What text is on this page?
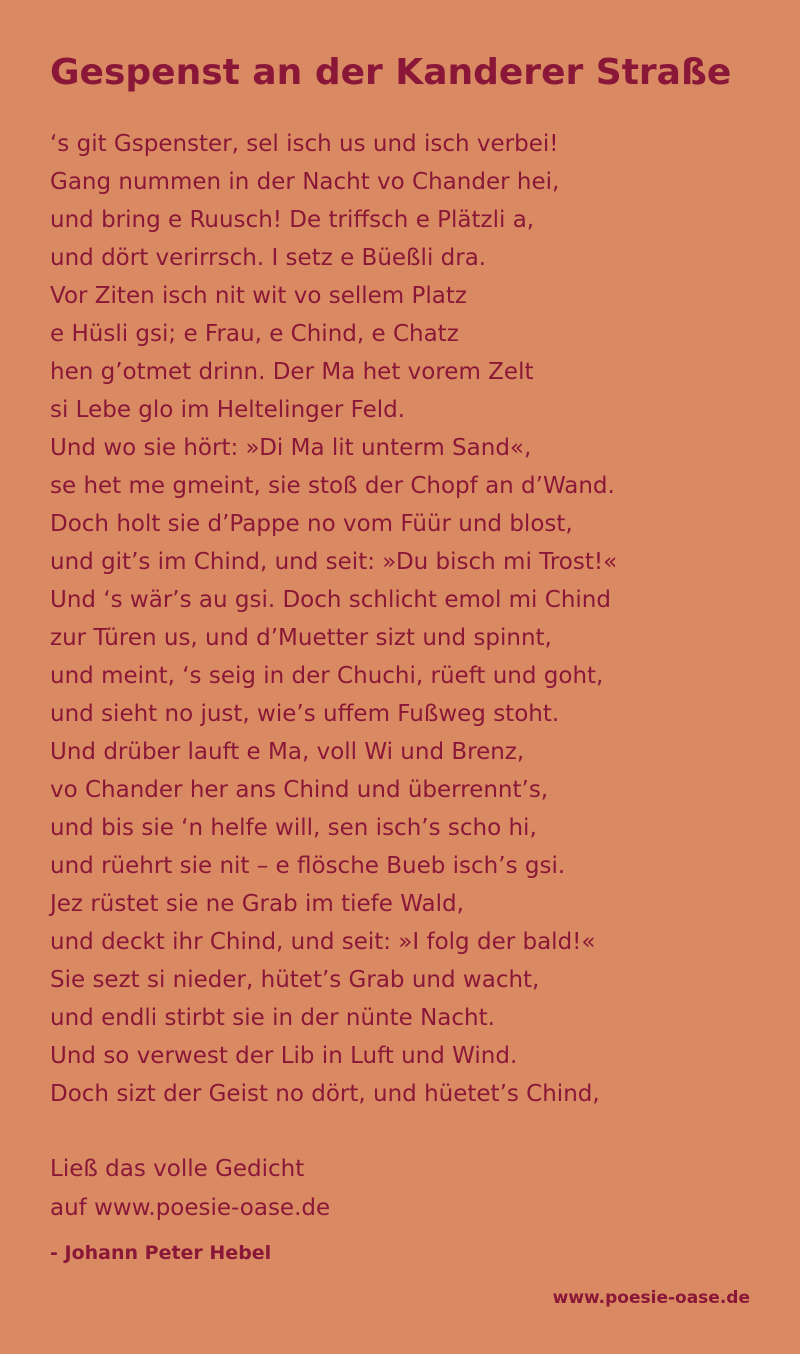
Gespenst an der Kanderer Straße
‘s git Gspenster, sel isch us und isch verbei!
Gang nummen in der Nacht vo Chander hei,
und bring e Ruusch! De triffsch e Plätzli a,
und dört verirrsch. I setz e Büeßli dra.
Vor Ziten isch nit wit vo sellem Platz
e Hüsli gsi; e Frau, e Chind, e Chatz
hen g’otmet drinn. Der Ma het vorem Zelt
si Lebe glo im Heltelinger Feld.
Und wo sie hört: »Di Ma lit unterm Sand«,
se het me gmeint, sie stoß der Chopf an d’Wand.
Doch holt sie d’Pappe no vom Füür und blost,
und git’s im Chind, und seit: »Du bisch mi Trost!«
Und ‘s wär’s au gsi. Doch schlicht emol mi Chind
zur Türen us, und d’Muetter sizt und spinnt,
und meint, ‘s seig in der Chuchi, rüeft und goht,
und sieht no just, wie’s uffem Fußweg stoht.
Und drüber lauft e Ma, voll Wi und Brenz,
vo Chander her ans Chind und überrennt’s,
und bis sie ‘n helfe will, sen isch’s scho hi,
und rüehrt sie nit – e flösche Bueb isch’s gsi.
Jez rüstet sie ne Grab im tiefe Wald,
und deckt ihr Chind, und seit: »I folg der bald!«
Sie sezt si nieder, hütet’s Grab und wacht,
und endli stirbt sie in der nünte Nacht.
Und so verwest der Lib in Luft und Wind.
Doch sizt der Geist no dört, und hüetet’s Chind,
Ließ das volle Gedicht
auf www.poesie-oase.de
- Johann Peter Hebel
www.poesie-oase.de
